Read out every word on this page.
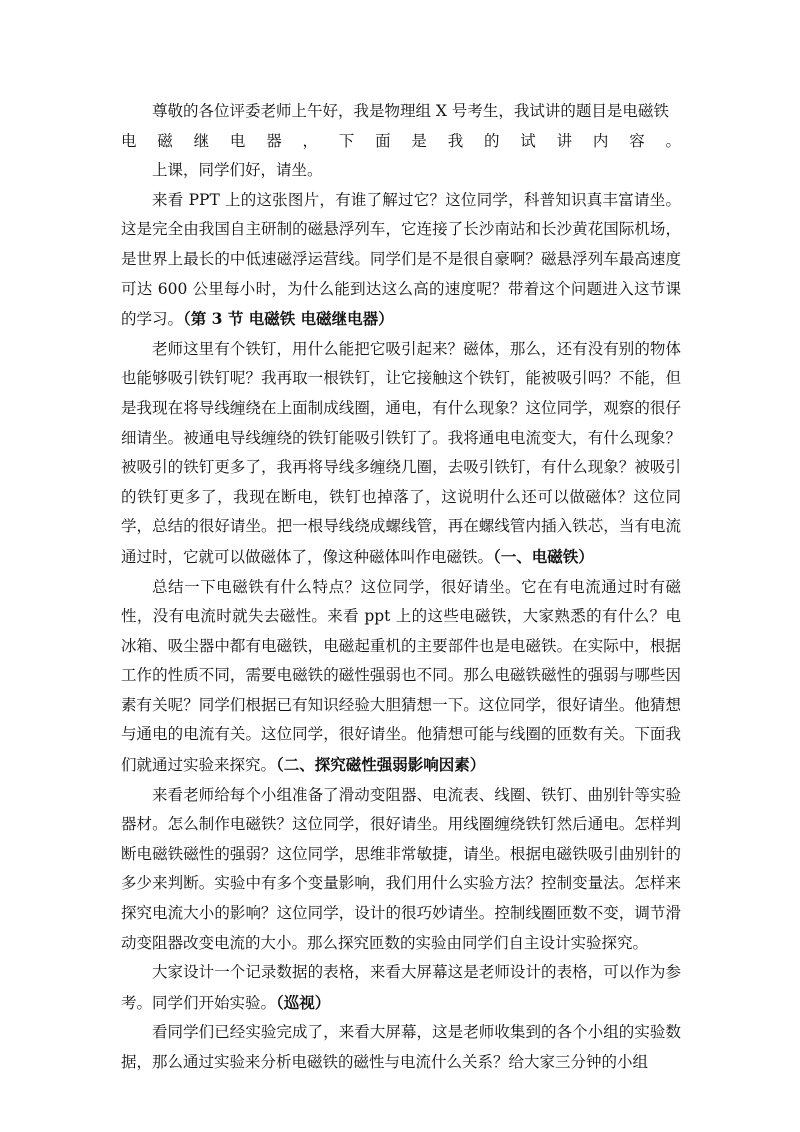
尊敬的各位评委老师上午好，我是物理组 X 号考生，我试讲的题目是电磁铁

电 磁 继 电 器 ， 下 面 是 我 的 试 讲 内 容 。

上课，同学们好，请坐。

来看 PPT 上的这张图片，有谁了解过它？这位同学，科普知识真丰富请坐。这是完全由我国自主研制的磁悬浮列车，它连接了长沙南站和长沙黄花国际机场，是世界上最长的中低速磁浮运营线。同学们是不是很自豪啊？磁悬浮列车最高速度可达 600 公里每小时，为什么能到达这么高的速度呢？带着这个问题进入这节课的学习。（第 3 节 电磁铁 电磁继电器）

老师这里有个铁钉，用什么能把它吸引起来？磁体，那么，还有没有别的物体也能够吸引铁钉呢？我再取一根铁钉，让它接触这个铁钉，能被吸引吗？不能，但是我现在将导线缠绕在上面制成线圈，通电，有什么现象？这位同学，观察的很仔细请坐。被通电导线缠绕的铁钉能吸引铁钉了。我将通电电流变大，有什么现象？被吸引的铁钉更多了，我再将导线多缠绕几圈，去吸引铁钉，有什么现象？被吸引的铁钉更多了，我现在断电，铁钉也掉落了，这说明什么还可以做磁体？这位同学，总结的很好请坐。把一根导线绕成螺线管，再在螺线管内插入铁芯，当有电流通过时，它就可以做磁体了，像这种磁体叫作电磁铁。（一、电磁铁）

总结一下电磁铁有什么特点？这位同学，很好请坐。它在有电流通过时有磁性，没有电流时就失去磁性。来看 ppt 上的这些电磁铁，大家熟悉的有什么？电冰箱、吸尘器中都有电磁铁，电磁起重机的主要部件也是电磁铁。在实际中，根据工作的性质不同，需要电磁铁的磁性强弱也不同。那么电磁铁磁性的强弱与哪些因素有关呢？同学们根据已有知识经验大胆猜想一下。这位同学，很好请坐。他猜想与通电的电流有关。这位同学，很好请坐。他猜想可能与线圈的匝数有关。下面我们就通过实验来探究。（二、探究磁性强弱影响因素）

来看老师给每个小组准备了滑动变阻器、电流表、线圈、铁钉、曲别针等实验器材。怎么制作电磁铁？这位同学，很好请坐。用线圈缠绕铁钉然后通电。怎样判断电磁铁磁性的强弱？这位同学，思维非常敏捷，请坐。根据电磁铁吸引曲别针的多少来判断。实验中有多个变量影响，我们用什么实验方法？控制变量法。怎样来探究电流大小的影响？这位同学，设计的很巧妙请坐。控制线圈匝数不变，调节滑动变阻器改变电流的大小。那么探究匝数的实验由同学们自主设计实验探究。

大家设计一个记录数据的表格，来看大屏幕这是老师设计的表格，可以作为参考。同学们开始实验。（巡视）

看同学们已经实验完成了，来看大屏幕，这是老师收集到的各个小组的实验数据，那么通过实验来分析电磁铁的磁性与电流什么关系？给大家三分钟的小组
